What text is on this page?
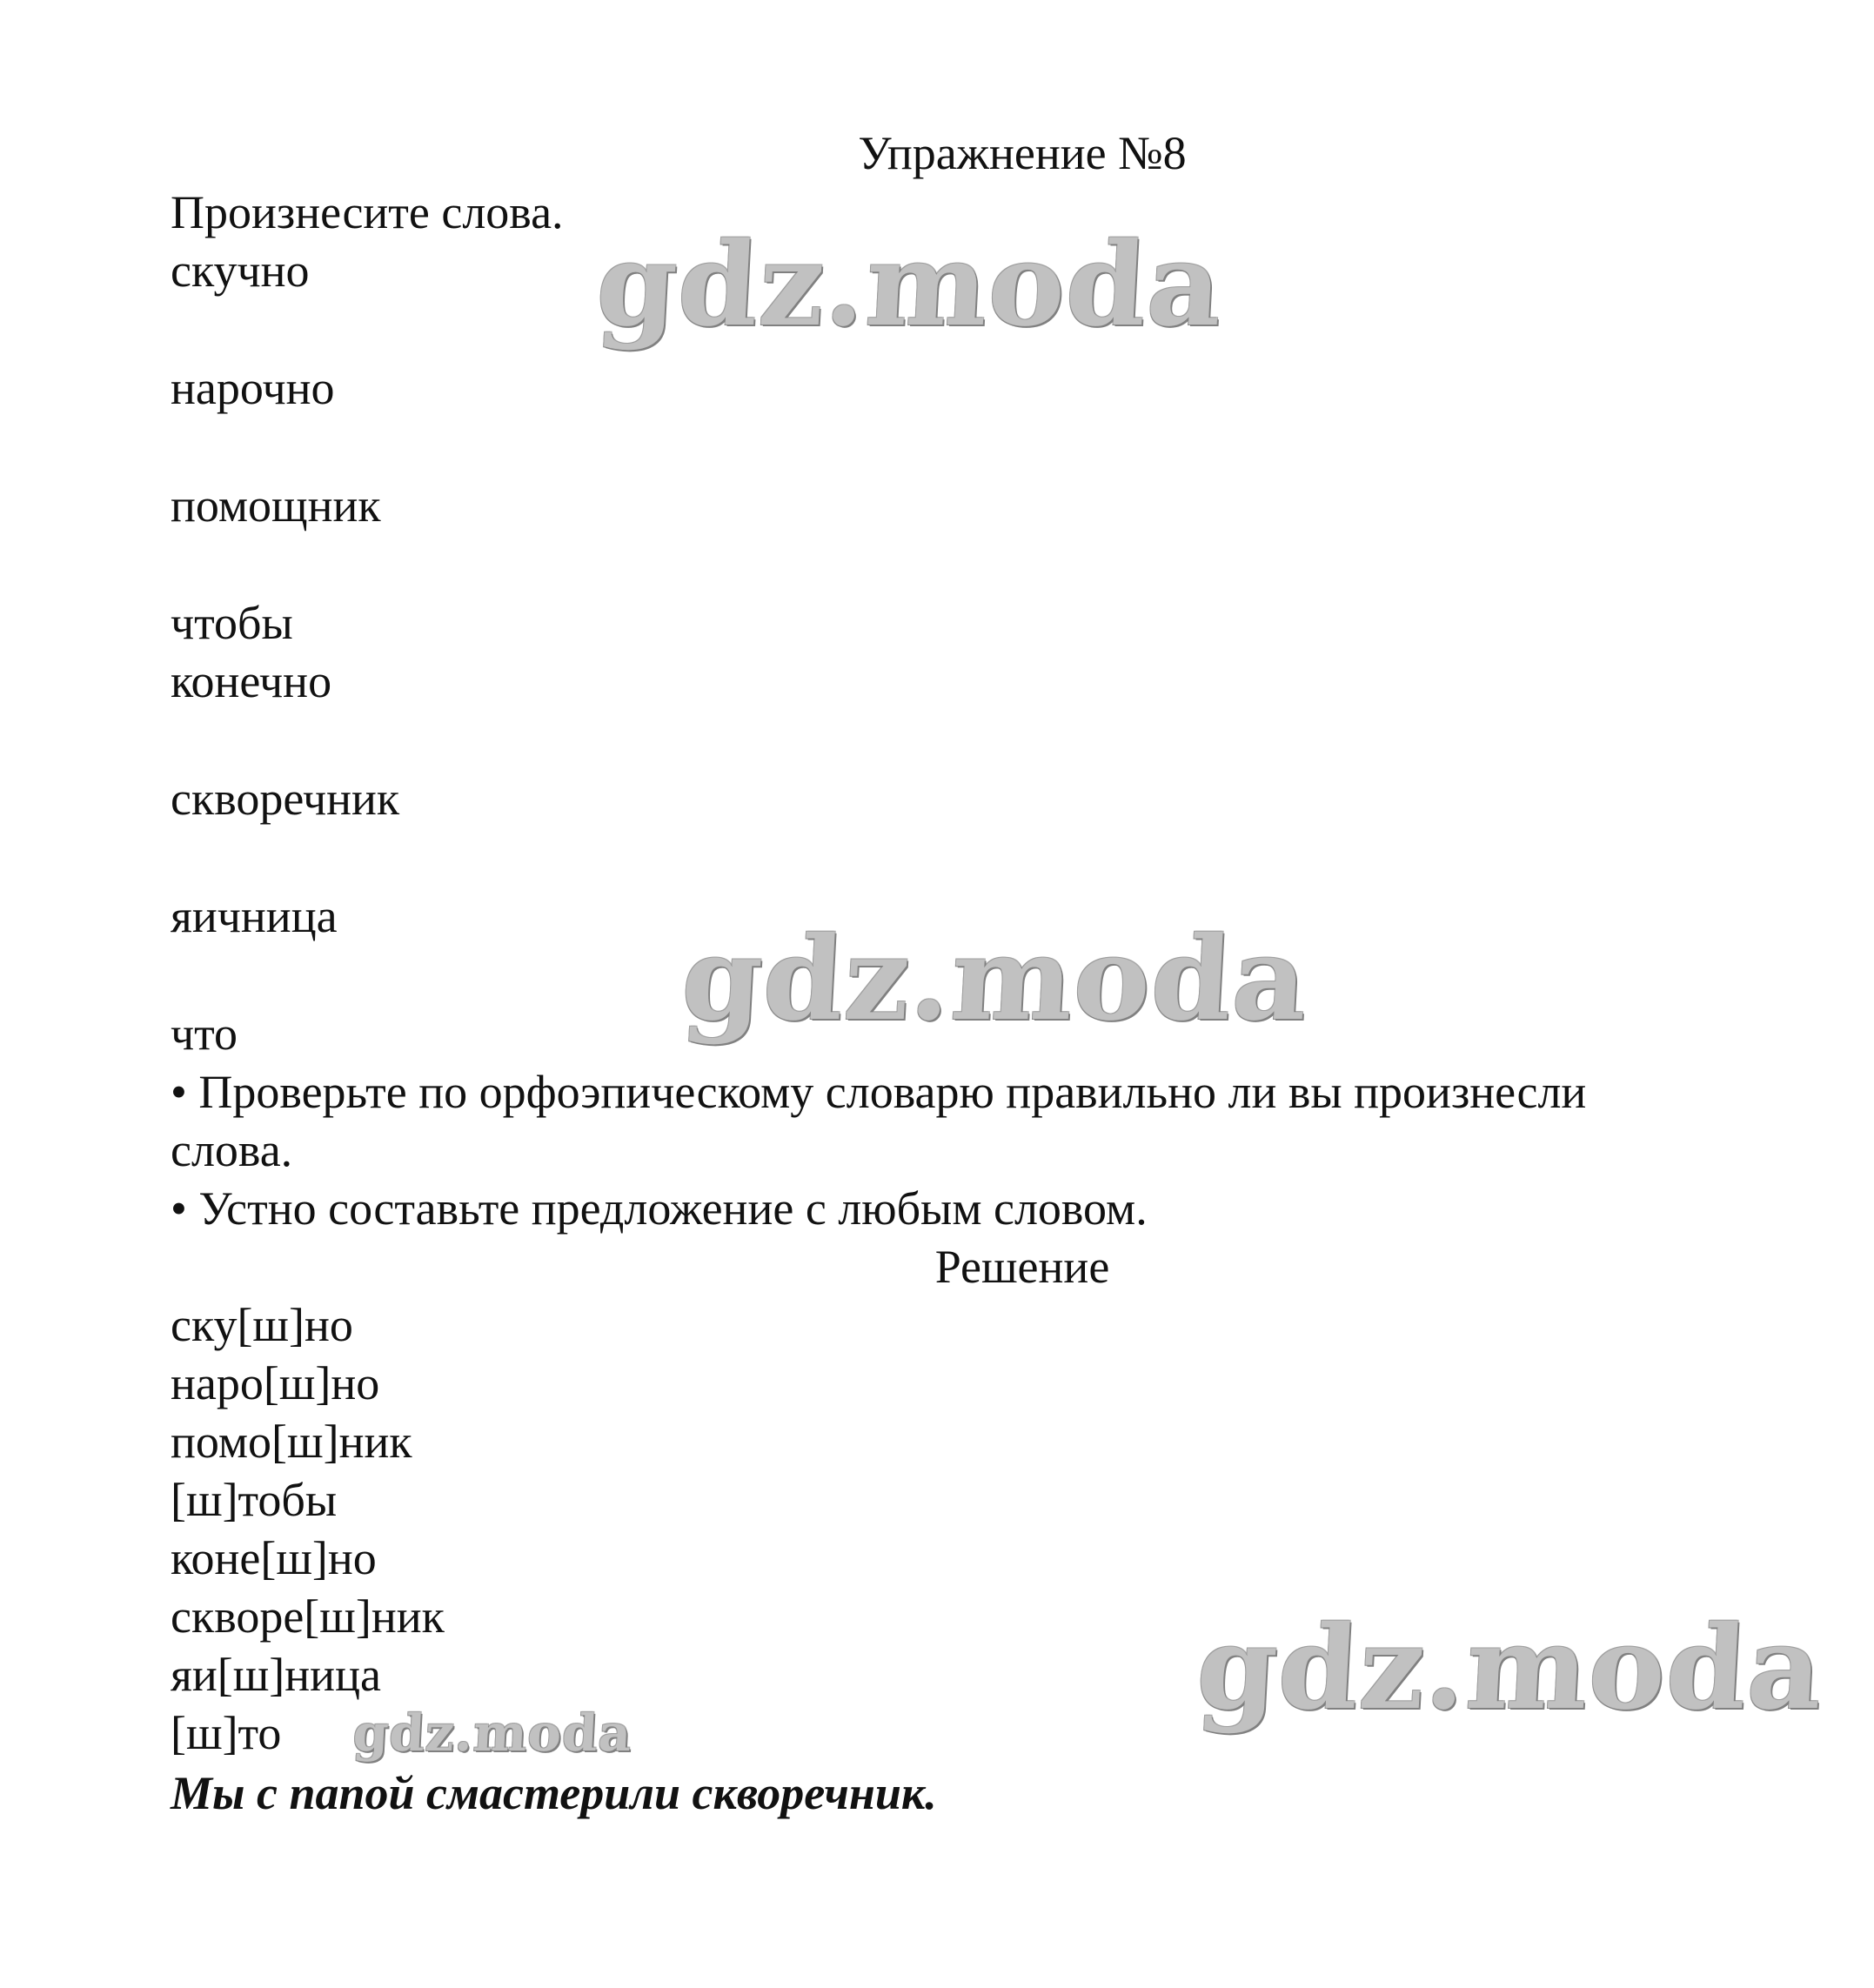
Упражнение №8
Произнесите слова.
скучно
нарочно
помощник
чтобы
конечно
скворечник
яичница
что
• Проверьте по орфоэпическому словарю правильно ли вы произнесли
слова.
• Устно составьте предложение с любым словом.
Решение
ску[ш]но
наро[ш]но
помо[ш]ник
[ш]тобы
коне[ш]но
скворе[ш]ник
яи[ш]ница
[ш]то
Мы с папой смастерили скворечник.
gdz.moda
gdz.moda
gdz.moda
gdz.moda
